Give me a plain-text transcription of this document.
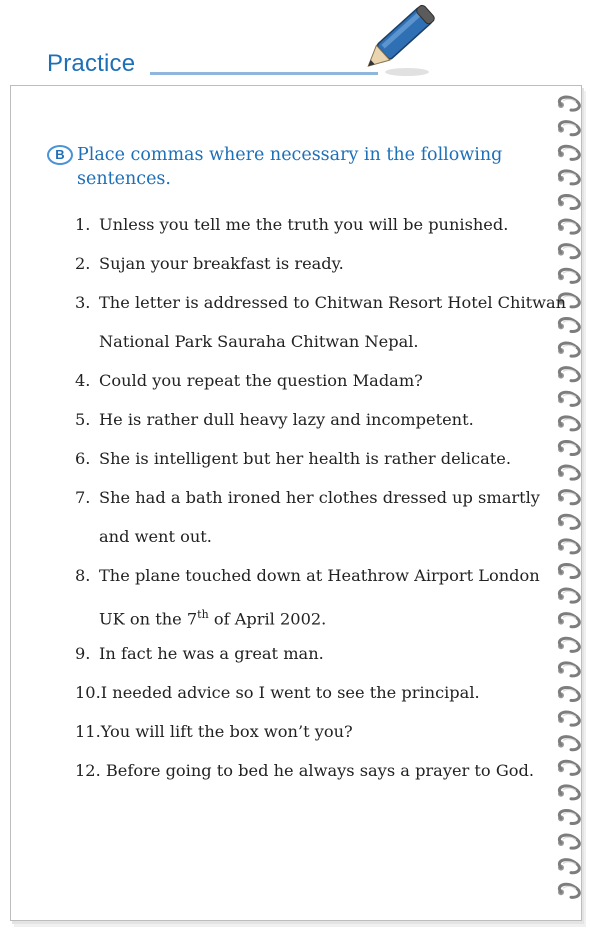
Practice
B Place commas where necessary in the following sentences.
1. Unless you tell me the truth you will be punished.
2. Sujan your breakfast is ready.
3. The letter is addressed to Chitwan Resort Hotel Chitwan
National Park Sauraha Chitwan Nepal.
4. Could you repeat the question Madam?
5. He is rather dull heavy lazy and incompetent.
6. She is intelligent but her health is rather delicate.
7. She had a bath ironed her clothes dressed up smartly
and went out.
8. The plane touched down at Heathrow Airport London
UK on the 7th of April 2002.
9. In fact he was a great man.
10.I needed advice so I went to see the principal.
11.You will lift the box won’t you?
12. Before going to bed he always says a prayer to God.
